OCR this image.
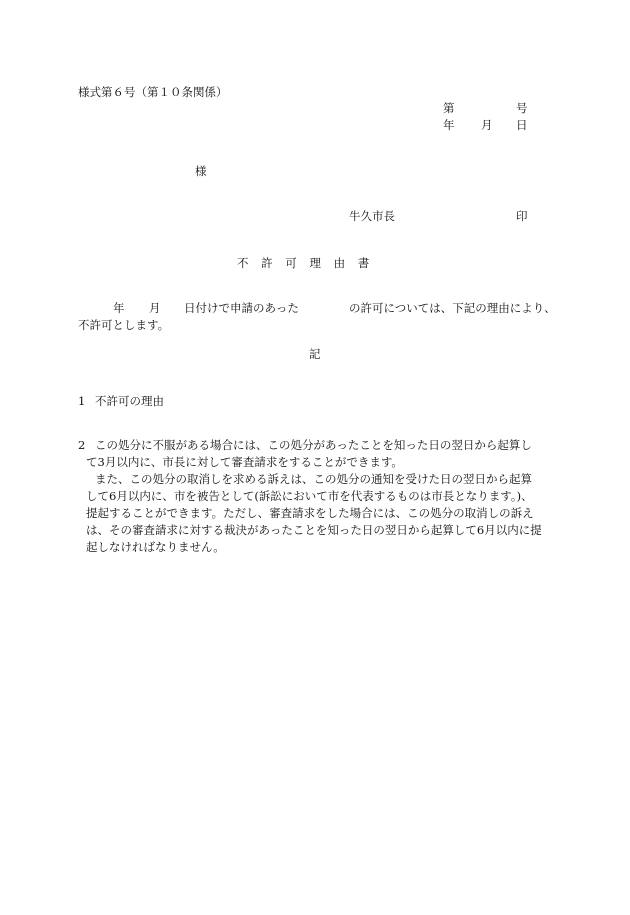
様式第６号（第１０条関係）
第	号
年 月 日
様
牛久市長	印
不 許 可 理 由 書
年 月 日付けで申請のあった	の許可については、下記の理由により、
不許可とします。
記
1 不許可の理由
2 この処分に不服がある場合には、この処分があったことを知った日の翌日から起算し
て3月以内に、市長に対して審査請求をすることができます。
また、この処分の取消しを求める訴えは、この処分の通知を受けた日の翌日から起算
して6月以内に、市を被告として(訴訟において市を代表するものは市長となります。)、
提起することができます。ただし、審査請求をした場合には、この処分の取消しの訴え
は、その審査請求に対する裁決があったことを知った日の翌日から起算して6月以内に提
起しなければなりません。
